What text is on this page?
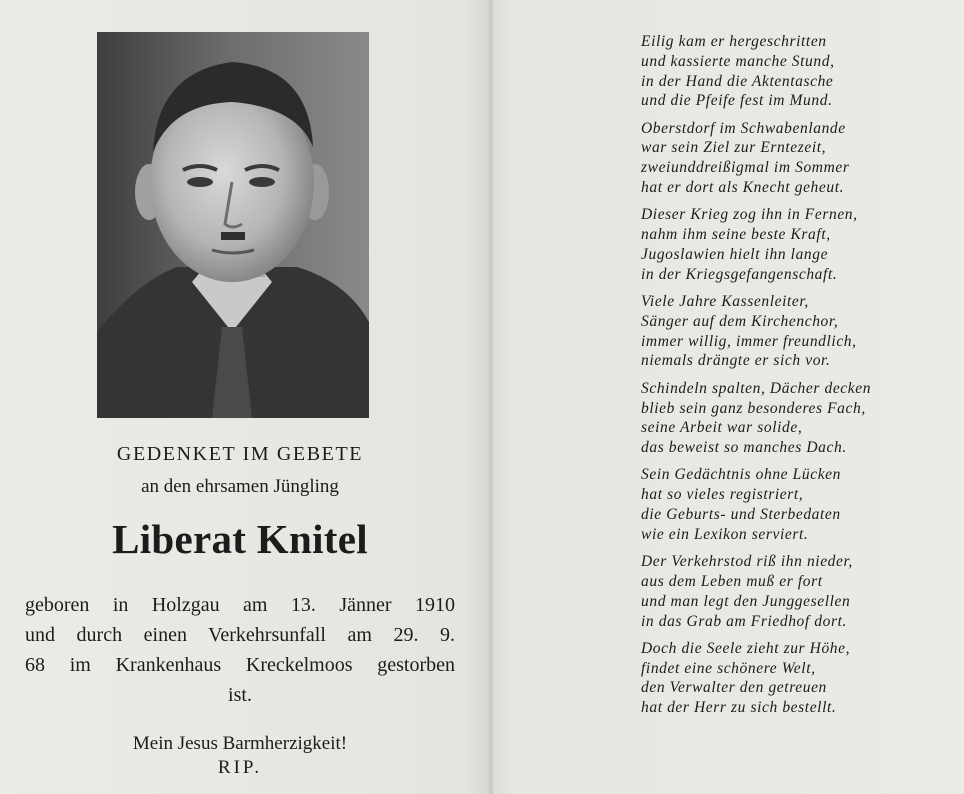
GEDENKET IM GEBETE

an den ehrsamen Jüngling

Liberat Knitel

geboren in Holzgau am 13. Jänner 1910
und durch einen Verkehrsunfall am 29. 9.
68 im Krankenhaus Kreckelmoos gestorben
ist.

Mein Jesus Barmherzigkeit!

RIP.

Eilig kam er hergeschritten
und kassierte manche Stund,
in der Hand die Aktentasche
und die Pfeife fest im Mund.
Oberstdorf im Schwabenlande
war sein Ziel zur Erntezeit,
zweiunddreißigmal im Sommer
hat er dort als Knecht geheut.
Dieser Krieg zog ihn in Fernen,
nahm ihm seine beste Kraft,
Jugoslawien hielt ihn lange
in der Kriegsgefangenschaft.
Viele Jahre Kassenleiter,
Sänger auf dem Kirchenchor,
immer willig, immer freundlich,
niemals drängte er sich vor.
Schindeln spalten, Dächer decken
blieb sein ganz besonderes Fach,
seine Arbeit war solide,
das beweist so manches Dach.
Sein Gedächtnis ohne Lücken
hat so vieles registriert,
die Geburts- und Sterbedaten
wie ein Lexikon serviert.
Der Verkehrstod riß ihn nieder,
aus dem Leben muß er fort
und man legt den Junggesellen
in das Grab am Friedhof dort.
Doch die Seele zieht zur Höhe,
findet eine schönere Welt,
den Verwalter den getreuen
hat der Herr zu sich bestellt.
